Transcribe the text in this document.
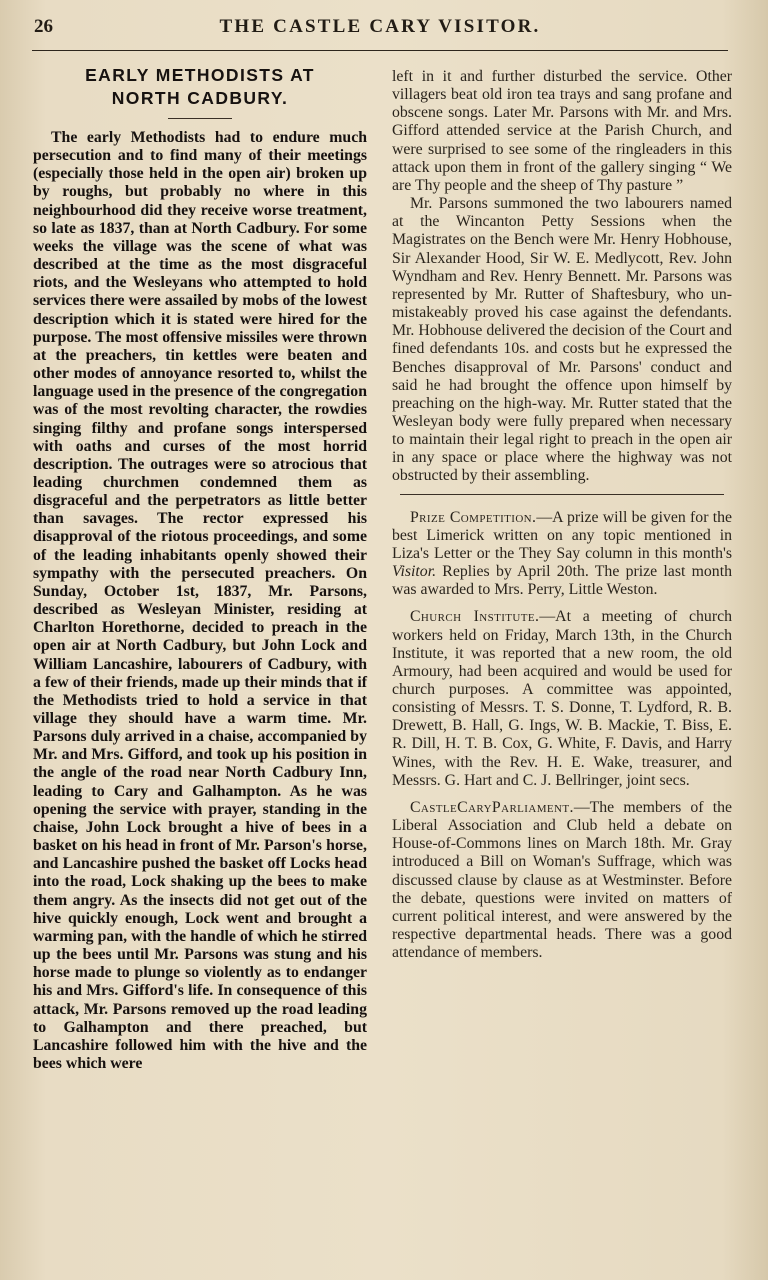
26	THE CASTLE CARY VISITOR.
EARLY METHODISTS AT
NORTH CADBURY.

The early Methodists had to endure much persecution and to find many of their meetings (especially those held in the open air) broken up by roughs, but probably no where in this neighbourhood did they receive worse treatment, so late as 1837, than at North Cadbury. For some weeks the village was the scene of what was described at the time as the most disgraceful riots, and the Wesleyans who attempted to hold services there were assailed by mobs of the lowest description which it is stated were hired for the purpose. The most offensive missiles were thrown at the preachers, tin kettles were beaten and other modes of annoyance resorted to, whilst the language used in the presence of the congregation was of the most revolting character, the rowdies singing filthy and profane songs interspersed with oaths and curses of the most horrid description. The outrages were so atrocious that leading churchmen condemned them as disgraceful and the perpetrators as little better than savages. The rector expressed his disapproval of the riotous proceedings, and some of the leading inhabitants openly showed their sympathy with the persecuted preachers. On Sunday, October 1st, 1837, Mr. Parsons, described as Wesleyan Minister, residing at Charlton Horethorne, decided to preach in the open air at North Cadbury, but John Lock and William Lancashire, labourers of Cadbury, with a few of their friends, made up their minds that if the Methodists tried to hold a service in that village they should have a warm time. Mr. Parsons duly arrived in a chaise, accompanied by Mr. and Mrs. Gifford, and took up his position in the angle of the road near North Cadbury Inn, leading to Cary and Galhampton. As he was opening the service with prayer, standing in the chaise, John Lock brought a hive of bees in a basket on his head in front of Mr. Parson's horse, and Lancashire pushed the basket off Locks head into the road, Lock shaking up the bees to make them angry. As the insects did not get out of the hive quickly enough, Lock went and brought a warming pan, with the handle of which he stirred up the bees until Mr. Parsons was stung and his horse made to plunge so violently as to endanger his and Mrs. Gifford's life. In consequence of this attack, Mr. Parsons removed up the road leading to Galhampton and there preached, but Lancashire followed him with the hive and the bees which were

left in it and further disturbed the service. Other villagers beat old iron tea trays and sang profane and obscene songs. Later Mr. Parsons with Mr. and Mrs. Gifford attended service at the Parish Church, and were surprised to see some of the ringleaders in this attack upon them in front of the gallery singing “ We are Thy people and the sheep of Thy pasture ”

Mr. Parsons summoned the two labourers named at the Wincanton Petty Sessions when the Magistrates on the Bench were Mr. Henry Hobhouse, Sir Alexander Hood, Sir W. E. Medlycott, Rev. John Wyndham and Rev. Henry Bennett. Mr. Parsons was represented by Mr. Rutter of Shaftesbury, who unmistakeably proved his case against the defendants. Mr. Hobhouse delivered the decision of the Court and fined defendants 10s. and costs but he expressed the Benches disapproval of Mr. Parsons' conduct and said he had brought the offence upon himself by preaching on the high-way. Mr. Rutter stated that the Wesleyan body were fully prepared when necessary to maintain their legal right to preach in the open air in any space or place where the highway was not obstructed by their assembling.

Prize Competition.—A prize will be given for the best Limerick written on any topic mentioned in Liza's Letter or the They Say column in this month's Visitor. Replies by April 20th. The prize last month was awarded to Mrs. Perry, Little Weston.

Church Institute.—At a meeting of church workers held on Friday, March 13th, in the Church Institute, it was reported that a new room, the old Armoury, had been acquired and would be used for church purposes. A committee was appointed, consisting of Messrs. T. S. Donne, T. Lydford, R. B. Drewett, B. Hall, G. Ings, W. B. Mackie, T. Biss, E. R. Dill, H. T. B. Cox, G. White, F. Davis, and Harry Wines, with the Rev. H. E. Wake, treasurer, and Messrs. G. Hart and C. J. Bellringer, joint secs.

CastleCaryParliament.—The members of the Liberal Association and Club held a debate on House-of-Commons lines on March 18th. Mr. Gray introduced a Bill on Woman's Suffrage, which was discussed clause by clause as at Westminster. Before the debate, questions were invited on matters of current political interest, and were answered by the respective departmental heads. There was a good attendance of members.
